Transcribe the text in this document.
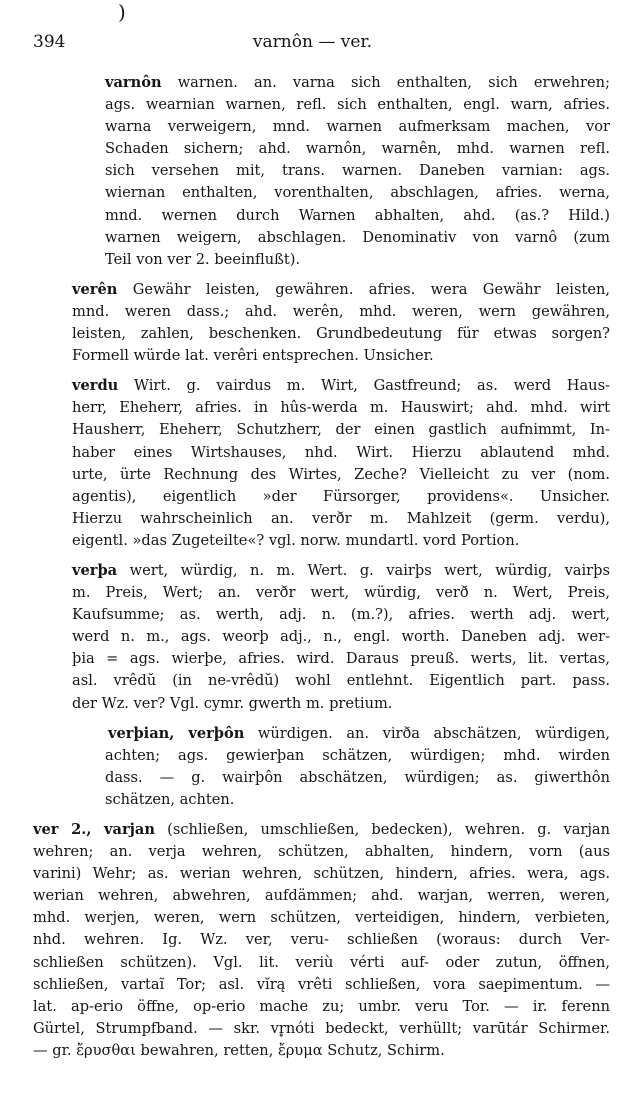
)
394	varnôn — ver.
varnôn warnen. an. varna sich enthalten, sich erwehren;
ags. wearnian warnen, refl. sich enthalten, engl. warn, afries.
warna verweigern, mnd. warnen aufmerksam machen, vor
Schaden sichern; ahd. warnôn, warnên, mhd. warnen refl.
sich versehen mit, trans. warnen. Daneben varnian: ags.
wiernan enthalten, vorenthalten, abschlagen, afries. werna,
mnd. wernen durch Warnen abhalten, ahd. (as.? Hild.)
warnen weigern, abschlagen. Denominativ von varnô (zum
Teil von ver 2. beeinflußt).
verên Gewähr leisten, gewähren. afries. wera Gewähr leisten,
mnd. weren dass.; ahd. werên, mhd. weren, wern gewähren,
leisten, zahlen, beschenken. Grundbedeutung für etwas sorgen?
Formell würde lat. verêri entsprechen. Unsicher.
verdu Wirt. g. vairdus m. Wirt, Gastfreund; as. werd Haus-
herr, Eheherr, afries. in hûs-werda m. Hauswirt; ahd. mhd. wirt
Hausherr, Eheherr, Schutzherr, der einen gastlich aufnimmt, In-
haber eines Wirtshauses, nhd. Wirt. Hierzu ablautend mhd.
urte, ürte Rechnung des Wirtes, Zeche? Vielleicht zu ver (nom.
agentis), eigentlich »der Fürsorger, providens«. Unsicher.
Hierzu wahrscheinlich an. verðr m. Mahlzeit (germ. verdu),
eigentl. »das Zugeteilte«? vgl. norw. mundartl. vord Portion.
verþa wert, würdig, n. m. Wert. g. vairþs wert, würdig, vairþs
m. Preis, Wert; an. verðr wert, würdig, verð n. Wert, Preis,
Kaufsumme; as. werth, adj. n. (m.?), afries. werth adj. wert,
werd n. m., ags. weorþ adj., n., engl. worth. Daneben adj. wer-
þia = ags. wierþe, afries. wird. Daraus preuß. werts, lit. vertas,
asl. vrêdŭ (in ne-vrêdŭ) wohl entlehnt. Eigentlich part. pass.
der Wz. ver? Vgl. cymr. gwerth m. pretium.
verþian, verþôn würdigen. an. virða abschätzen, würdigen,
achten; ags. gewierþan schätzen, würdigen; mhd. wirden
dass. — g. wairþôn abschätzen, würdigen; as. giwerthôn
schätzen, achten.
ver 2., varjan (schließen, umschließen, bedecken), wehren. g. varjan
wehren; an. verja wehren, schützen, abhalten, hindern, vorn (aus
varini) Wehr; as. werian wehren, schützen, hindern, afries. wera, ags.
werian wehren, abwehren, aufdämmen; ahd. warjan, werren, weren,
mhd. werjen, weren, wern schützen, verteidigen, hindern, verbieten,
nhd. wehren. Ig. Wz. ver, veru- schließen (woraus: durch Ver-
schließen schützen). Vgl. lit. veriù vérti auf- oder zutun, öffnen,
schließen, vartaĩ Tor; asl. vĭrą vrêti schließen, vora saepimentum. —
lat. ap-erio öffne, op-erio mache zu; umbr. veru Tor. — ir. ferenn
Gürtel, Strumpfband. — skr. vr̥nóti bedeckt, verhüllt; varūtár Schirmer.
— gr. ἔρυσθαι bewahren, retten, ἔρυμα Schutz, Schirm.
